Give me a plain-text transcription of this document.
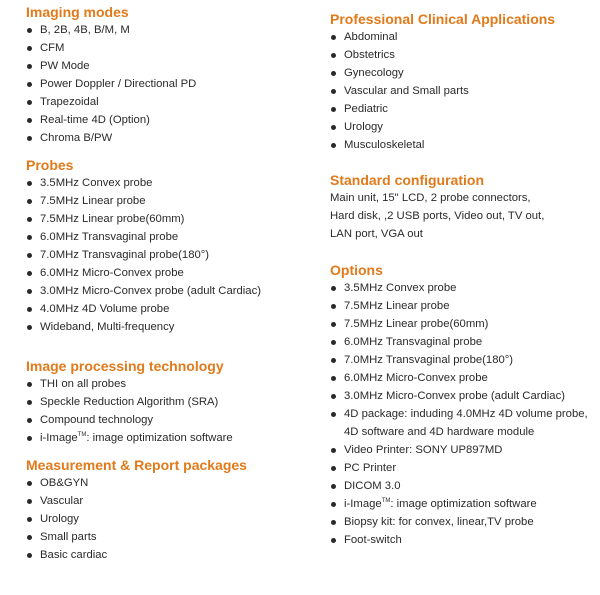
Imaging modes
B, 2B, 4B, B/M, M
CFM
PW Mode
Power Doppler / Directional PD
Trapezoidal
Real-time 4D (Option)
Chroma B/PW
Probes
3.5MHz Convex probe
7.5MHz Linear probe
7.5MHz Linear probe(60mm)
6.0MHz Transvaginal probe
7.0MHz Transvaginal probe(180°)
6.0MHz Micro-Convex probe
3.0MHz Micro-Convex probe (adult Cardiac)
4.0MHz 4D Volume probe
Wideband, Multi-frequency
Image processing technology
THI on all probes
Speckle Reduction Algorithm (SRA)
Compound technology
i-Image™: image optimization software
Measurement & Report packages
OB&GYN
Vascular
Urology
Small parts
Basic cardiac
Professional Clinical Applications
Abdominal
Obstetrics
Gynecology
Vascular and Small parts
Pediatric
Urology
Musculoskeletal
Standard configuration
Main unit, 15" LCD, 2 probe connectors,
Hard disk, ,2 USB ports, Video out, TV out,
LAN port, VGA out
Options
3.5MHz Convex probe
7.5MHz Linear probe
7.5MHz Linear probe(60mm)
6.0MHz Transvaginal probe
7.0MHz Transvaginal probe(180°)
6.0MHz Micro-Convex probe
3.0MHz Micro-Convex probe (adult Cardiac)
4D package: induding 4.0MHz 4D volume probe,
4D software and 4D hardware module
Video Printer: SONY UP897MD
PC Printer
DICOM 3.0
i-Image™: image optimization software
Biopsy kit: for convex, linear,TV probe
Foot-switch
